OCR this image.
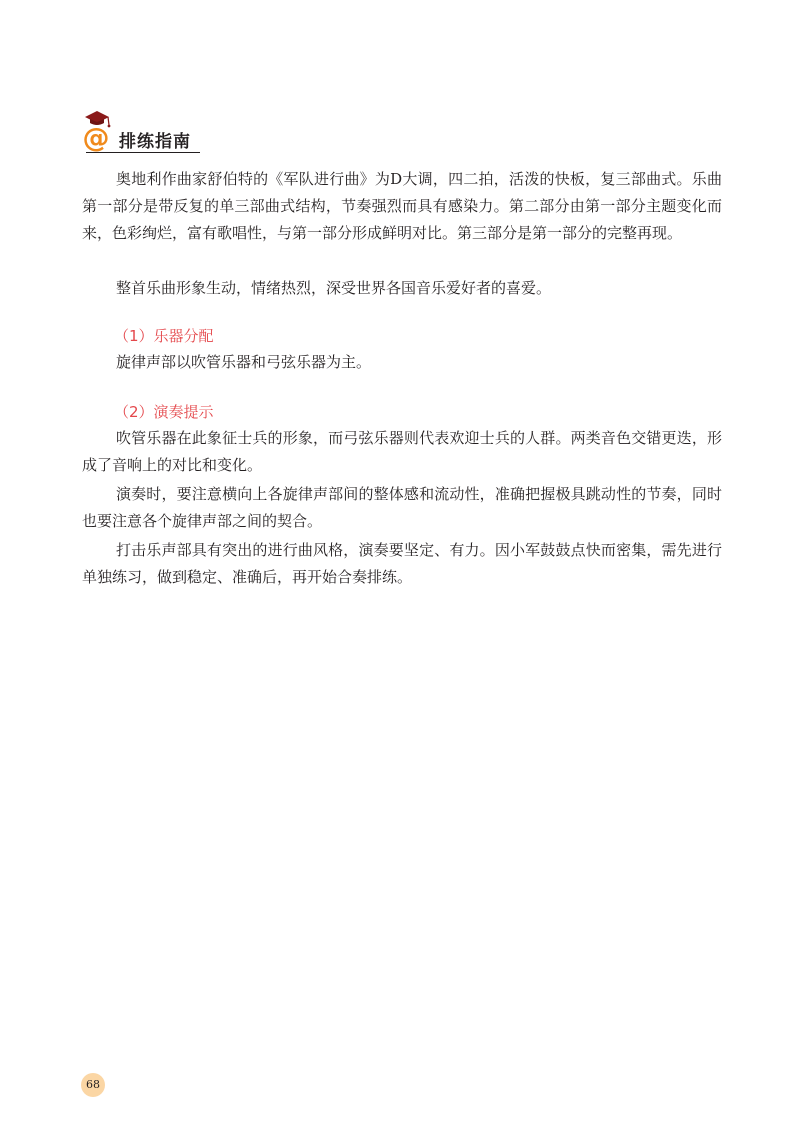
@ 排练指南

奥地利作曲家舒伯特的《军队进行曲》为D大调，四二拍，活泼的快板，复三部曲式。乐曲第一部分是带反复的单三部曲式结构，节奏强烈而具有感染力。第二部分由第一部分主题变化而来，色彩绚烂，富有歌唱性，与第一部分形成鲜明对比。第三部分是第一部分的完整再现。

整首乐曲形象生动，情绪热烈，深受世界各国音乐爱好者的喜爱。

（1）乐器分配

旋律声部以吹管乐器和弓弦乐器为主。

（2）演奏提示

吹管乐器在此象征士兵的形象，而弓弦乐器则代表欢迎士兵的人群。两类音色交错更迭，形成了音响上的对比和变化。

演奏时，要注意横向上各旋律声部间的整体感和流动性，准确把握极具跳动性的节奏，同时也要注意各个旋律声部之间的契合。

打击乐声部具有突出的进行曲风格，演奏要坚定、有力。因小军鼓鼓点快而密集，需先进行单独练习，做到稳定、准确后，再开始合奏排练。

68
